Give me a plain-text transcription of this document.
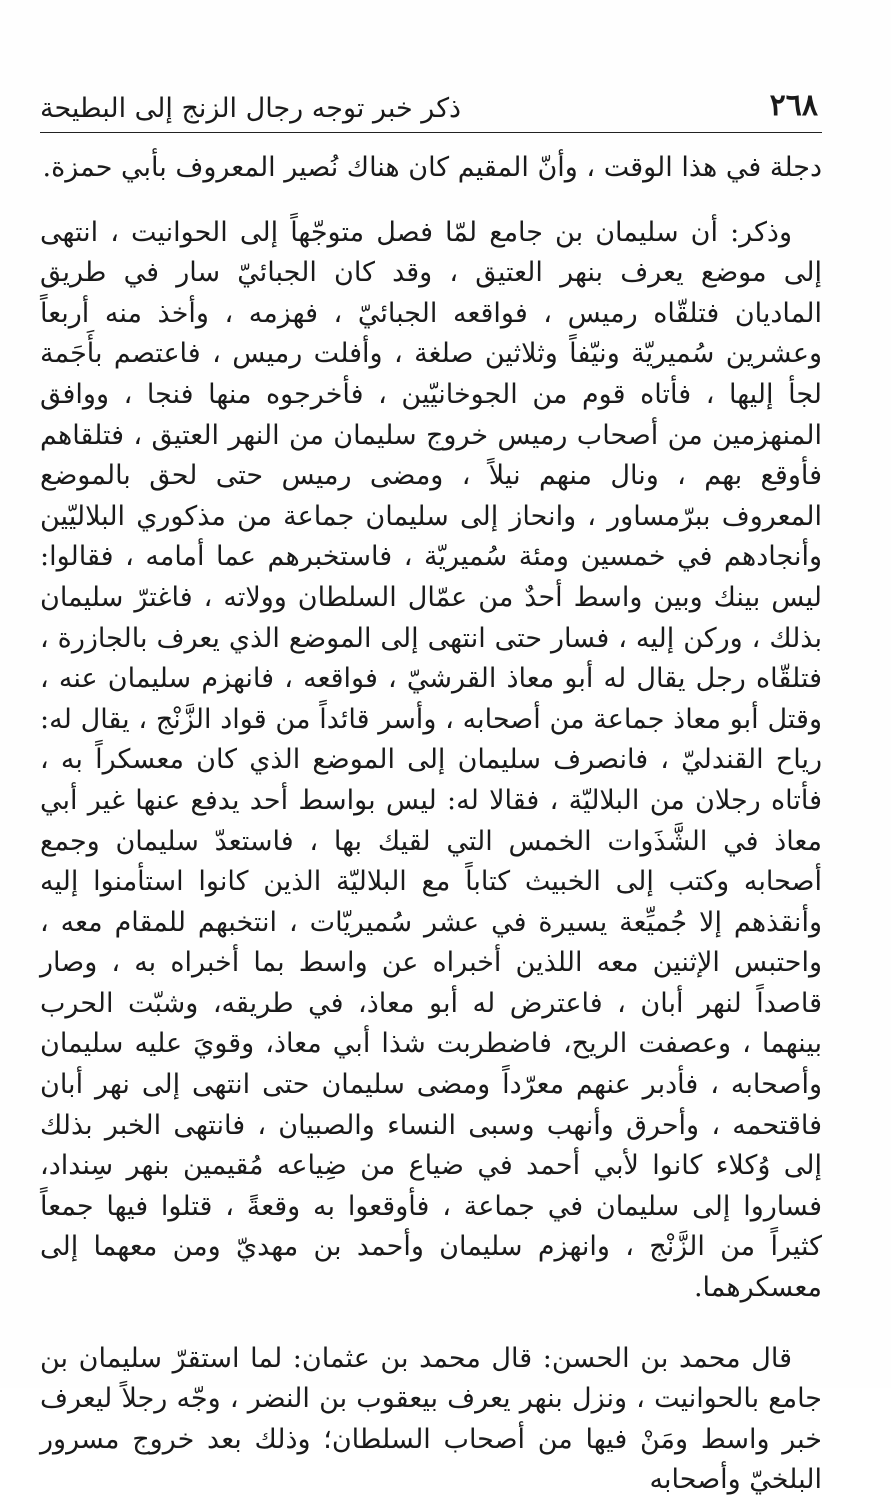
٢٦٨
ذكر خبر توجه رجال الزنج إلى البطيحة

دجلة في هذا الوقت ، وأنّ المقيم كان هناك نُصير المعروف بأبي حمزة.

وذكر: أن سليمان بن جامع لمّا فصل متوجّهاً إلى الحوانيت ، انتهى إلى موضع يعرف بنهر العتيق ، وقد كان الجبائيّ سار في طريق المادیان فتلقّاه رميس ، فواقعه الجبائيّ ، فهزمه ، وأخذ منه أربعاً وعشرين سُميريّة ونيّفاً وثلاثين صلغة ، وأفلت رميس ، فاعتصم بأَجَمة لجأ إليها ، فأتاه قوم من الجوخانيّين ، فأخرجوه منها فنجا ، ووافق المنهزمين من أصحاب رميس خروج سليمان من النهر العتيق ، فتلقاهم فأوقع بهم ، ونال منهم نيلاً ، ومضى رميس حتى لحق بالموضع المعروف ببرّمساور ، وانحاز إلى سليمان جماعة من مذكوري البلاليّين وأنجادهم في خمسين ومئة سُميريّة ، فاستخبرهم عما أمامه ، فقالوا: ليس بينك وبين واسط أحدٌ من عمّال السلطان وولاته ، فاغترّ سليمان بذلك ، وركن إليه ، فسار حتى انتهى إلى الموضع الذي يعرف بالجازرة ، فتلقّاه رجل يقال له أبو معاذ القرشيّ ، فواقعه ، فانهزم سليمان عنه ، وقتل أبو معاذ جماعة من أصحابه ، وأسر قائداً من قواد الزَّنْج ، يقال له: رياح القندليّ ، فانصرف سليمان إلى الموضع الذي كان معسكراً به ، فأتاه رجلان من البلاليّة ، فقالا له: ليس بواسط أحد يدفع عنها غير أبي معاذ في الشَّذَوات الخمس التي لقيك بها ، فاستعدّ سليمان وجمع أصحابه وكتب إلى الخبيث كتاباً مع البلاليّة الذين كانوا استأمنوا إليه وأنقذهم إلا جُميِّعة يسيرة في عشر سُميريّات ، انتخبهم للمقام معه ، واحتبس الإثنين معه اللذين أخبراه عن واسط بما أخبراه به ، وصار قاصداً لنهر أبان ، فاعترض له أبو معاذ، في طريقه، وشبّت الحرب بينهما ، وعصفت الريح، فاضطربت شذا أبي معاذ، وقويَ عليه سليمان وأصحابه ، فأدبر عنهم معرّداً ومضى سليمان حتى انتهى إلى نهر أبان فاقتحمه ، وأحرق وأنهب وسبى النساء والصبيان ، فانتهى الخبر بذلك إلى وُكلاء كانوا لأبي أحمد في ضياع من ضِياعه مُقيمين بنهر سِنداد، فساروا إلى سليمان في جماعة ، فأوقعوا به وقعةً ، قتلوا فيها جمعاً كثيراً من الزَّنْج ، وانهزم سليمان وأحمد بن مهديّ ومن معهما إلى معسكرهما.

قال محمد بن الحسن: قال محمد بن عثمان: لما استقرّ سليمان بن جامع بالحوانيت ، ونزل بنهر يعرف بيعقوب بن النضر ، وجّه رجلاً ليعرف خبر واسط ومَنْ فيها من أصحاب السلطان؛ وذلك بعد خروج مسرور البلخيّ وأصحابه
